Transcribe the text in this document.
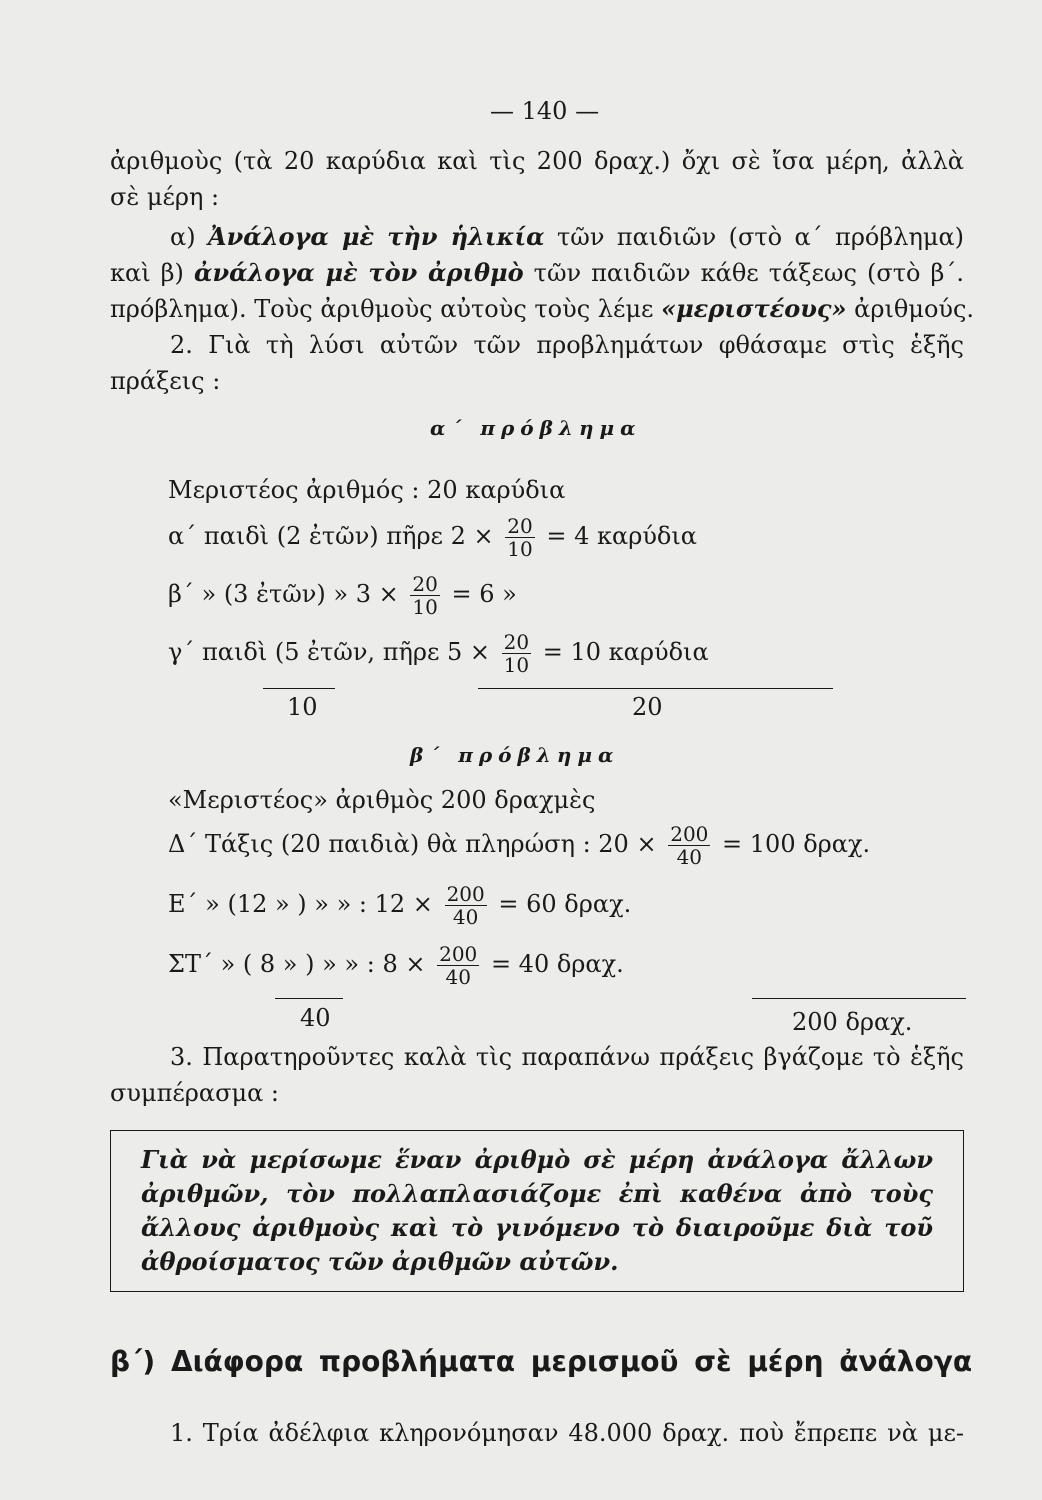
— 140 —
ἀριθμοὺς (τὰ 20 καρύδια καὶ τὶς 200 δραχ.) ὄχι σὲ ἴσα μέρη, ἀλλὰ
σὲ μέρη :
α) Ἀνάλογα μὲ τὴν ἡλικία τῶν παιδιῶν (στὸ α΄ πρόβλημα)
καὶ β) ἀνάλογα μὲ τὸν ἀριθμὸ τῶν παιδιῶν κάθε τάξεως (στὸ β΄.
πρόβλημα). Τοὺς ἀριθμοὺς αὐτοὺς τοὺς λέμε «μεριστέους» ἀριθμούς.
2. Γιὰ τὴ λύσι αὐτῶν τῶν προβλημάτων φθάσαμε στὶς ἑξῆς
πράξεις :
α΄ πρόβλημα
Μεριστέος ἀριθμός : 20 καρύδια
α΄ παιδὶ (2 ἐτῶν) πῆρε $2 \times \frac{20}{10} = 4$ καρύδια
β΄ » (3 ἐτῶν) » $3 \times \frac{20}{10} = 6$ »
γ΄ παιδὶ (5 ἐτῶν, πῆρε $5 \times \frac{20}{10} = 10$ καρύδια
10	20
β΄ πρόβλημα
«Μεριστέος» ἀριθμὸς 200 δραχμὲς
Δ΄ Τάξις (20 παιδιὰ) θὰ πληρώση : $20 \times \frac{200}{40} = 100$ δραχ.
Ε΄ » (12 » ) » » : $12 \times \frac{200}{40} = 60$ δραχ.
ΣΤ΄ » ( 8 » ) » » : $8 \times \frac{200}{40} = 40$ δραχ.
40	200 δραχ.
3. Παρατηροῦντες καλὰ τὶς παραπάνω πράξεις βγάζομε τὸ ἑξῆς
συμπέρασμα :
Γιὰ νὰ μερίσωμε ἕναν ἀριθμὸ σὲ μέρη ἀνάλογα ἄλλων ἀριθμῶν, τὸν πολλαπλασιάζομε ἐπὶ καθένα ἀπὸ τοὺς ἄλλους ἀριθμοὺς καὶ τὸ γινόμενο τὸ διαιροῦμε διὰ τοῦ ἀθροίσματος τῶν ἀριθμῶν αὐτῶν.
β΄) Διάφορα προβλήματα μερισμοῦ σὲ μέρη ἀνάλογα
1. Τρία ἀδέλφια κληρονόμησαν 48.000 δραχ. ποὺ ἔπρεπε νὰ με-
